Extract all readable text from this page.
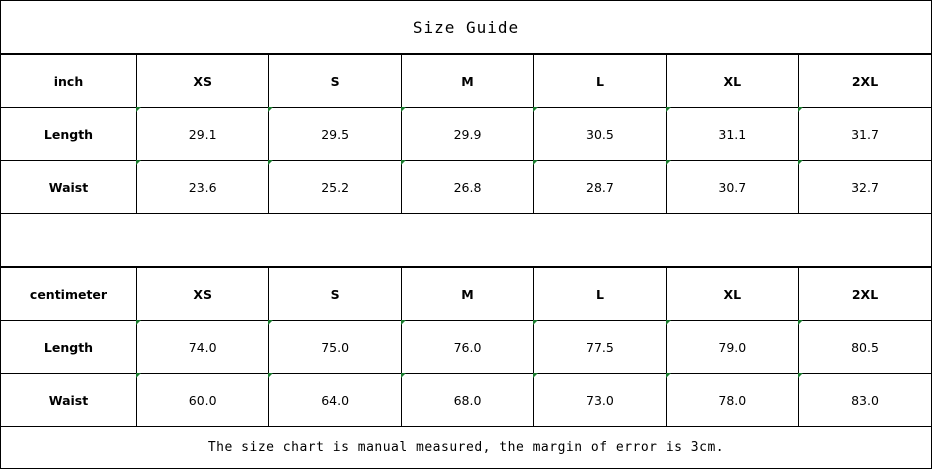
Size Guide
inch	XS	S	M	L	XL	2XL
Length	29.1	29.5	29.9	30.5	31.1	31.7
Waist	23.6	25.2	26.8	28.7	30.7	32.7
centimeter	XS	S	M	L	XL	2XL
Length	74.0	75.0	76.0	77.5	79.0	80.5
Waist	60.0	64.0	68.0	73.0	78.0	83.0
The size chart is manual measured, the margin of error is 3cm.
